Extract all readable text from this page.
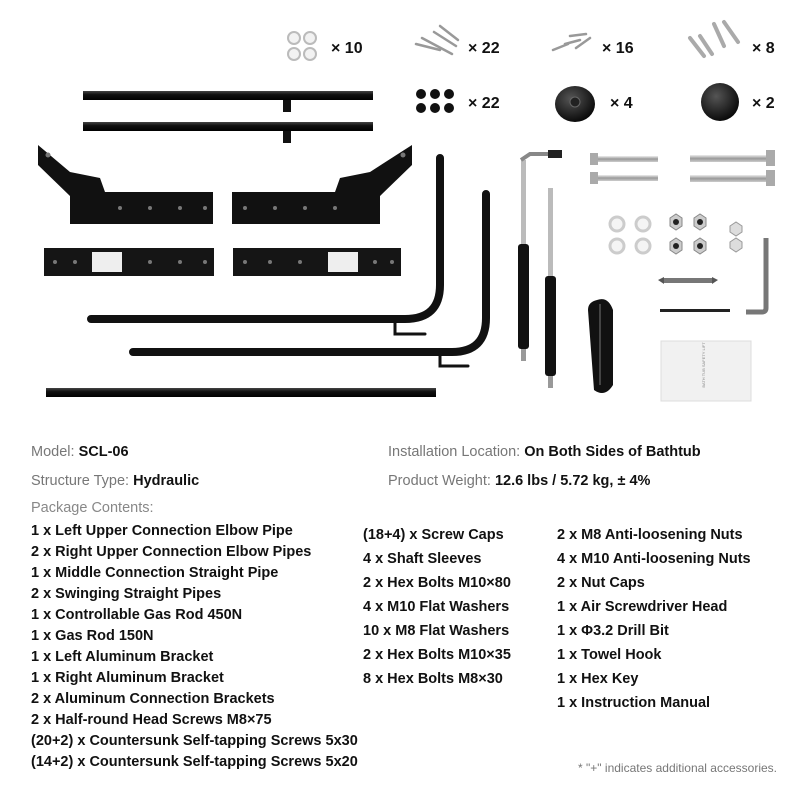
× 10	× 22	× 16	× 8
× 22	× 4	× 2
BATH TUB SAFETY LIFT
Model: SCL-06
Structure Type: Hydraulic
Installation Location: On Both Sides of Bathtub
Product Weight: 12.6 lbs / 5.72 kg, ± 4%
Package Contents:
1 x Left Upper Connection Elbow Pipe
2 x Right Upper Connection Elbow Pipes
1 x Middle Connection Straight Pipe
2 x Swinging Straight Pipes
1 x Controllable Gas Rod 450N
1 x Gas Rod 150N
1 x Left Aluminum Bracket
1 x Right Aluminum Bracket
2 x Aluminum Connection Brackets
2 x Half-round Head Screws M8×75
(20+2) x Countersunk Self-tapping Screws 5x30
(14+2) x Countersunk Self-tapping Screws 5x20
(18+4) x Screw Caps
4 x Shaft Sleeves
2 x Hex Bolts M10×80
4 x M10 Flat Washers
10 x M8 Flat Washers
2 x Hex Bolts M10×35
8 x Hex Bolts M8×30
2 x M8 Anti-loosening Nuts
4 x M10 Anti-loosening Nuts
2 x Nut Caps
1 x Air Screwdriver Head
1 x Φ3.2 Drill Bit
1 x Towel Hook
1 x Hex Key
1 x Instruction Manual
* "+" indicates additional accessories.
